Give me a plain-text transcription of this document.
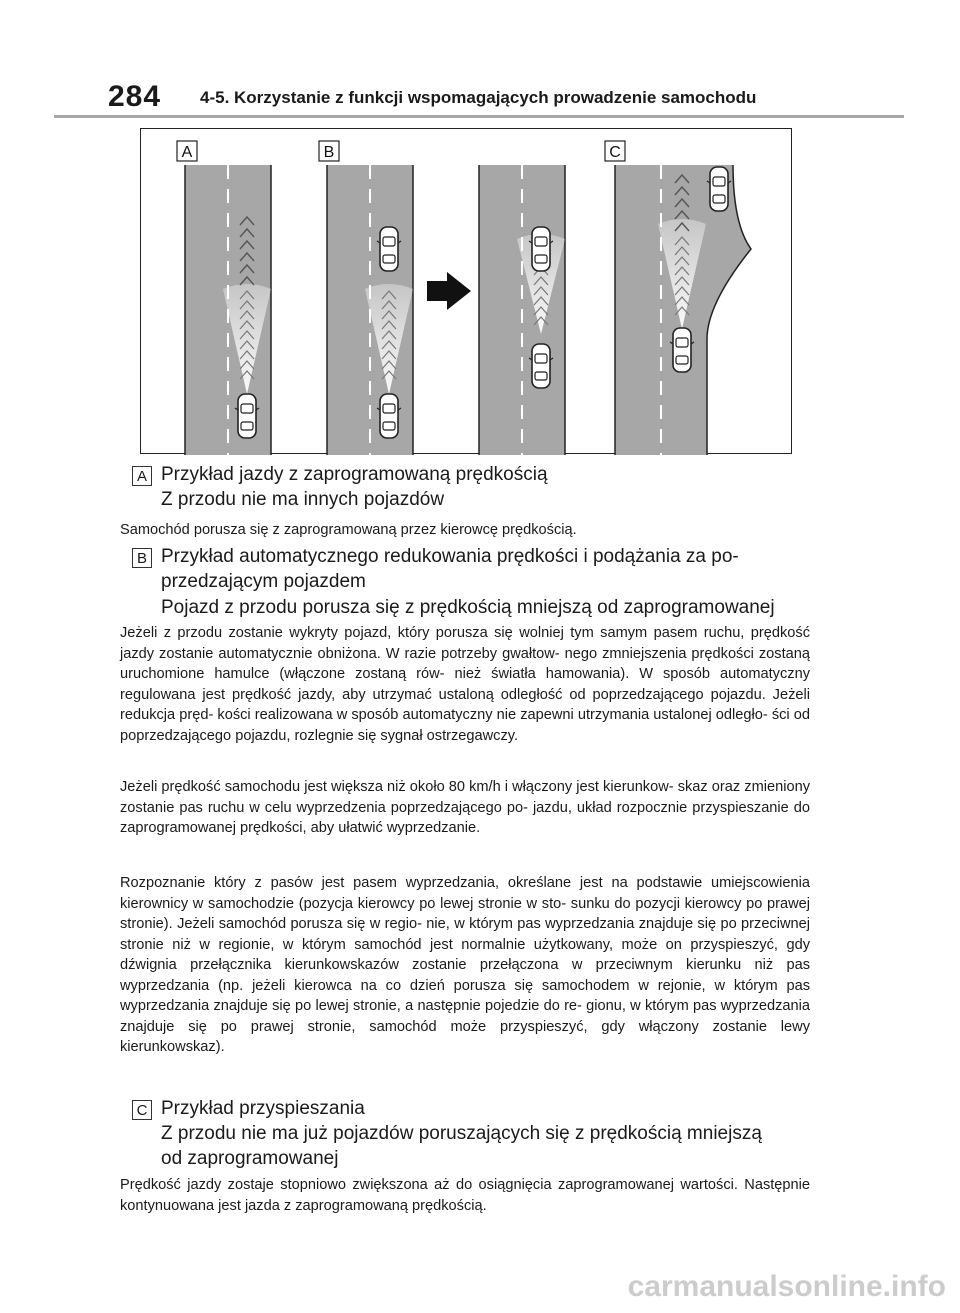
284 4-5. Korzystanie z funkcji wspomagających prowadzenie samochodu
A	B	C
A Przykład jazdy z zaprogramowaną prędkością
Z przodu nie ma innych pojazdów

Samochód porusza się z zaprogramowaną przez kierowcę prędkością.

B Przykład automatycznego redukowania prędkości i podążania za po-
przedzającym pojazdem
Pojazd z przodu porusza się z prędkością mniejszą od zaprogramowanej

Jeżeli z przodu zostanie wykryty pojazd, który porusza się wolniej tym samym pasem ruchu, prędkość jazdy zostanie automatycznie obniżona. W razie potrzeby gwałtow- nego zmniejszenia prędkości zostaną uruchomione hamulce (włączone zostaną rów- nież światła hamowania). W sposób automatyczny regulowana jest prędkość jazdy, aby utrzymać ustaloną odległość od poprzedzającego pojazdu. Jeżeli redukcja pręd- kości realizowana w sposób automatyczny nie zapewni utrzymania ustalonej odległo- ści od poprzedzającego pojazdu, rozlegnie się sygnał ostrzegawczy.

Jeżeli prędkość samochodu jest większa niż około 80 km/h i włączony jest kierunkow- skaz oraz zmieniony zostanie pas ruchu w celu wyprzedzenia poprzedzającego po- jazdu, układ rozpocznie przyspieszanie do zaprogramowanej prędkości, aby ułatwić wyprzedzanie.

Rozpoznanie który z pasów jest pasem wyprzedzania, określane jest na podstawie umiejscowienia kierownicy w samochodzie (pozycja kierowcy po lewej stronie w sto- sunku do pozycji kierowcy po prawej stronie). Jeżeli samochód porusza się w regio- nie, w którym pas wyprzedzania znajduje się po przeciwnej stronie niż w regionie, w którym samochód jest normalnie użytkowany, może on przyspieszyć, gdy dźwignia przełącznika kierunkowskazów zostanie przełączona w przeciwnym kierunku niż pas wyprzedzania (np. jeżeli kierowca na co dzień porusza się samochodem w rejonie, w którym pas wyprzedzania znajduje się po lewej stronie, a następnie pojedzie do re- gionu, w którym pas wyprzedzania znajduje się po prawej stronie, samochód może przyspieszyć, gdy włączony zostanie lewy kierunkowskaz).

C Przykład przyspieszania
Z przodu nie ma już pojazdów poruszających się z prędkością mniejszą
od zaprogramowanej

Prędkość jazdy zostaje stopniowo zwiększona aż do osiągnięcia zaprogramowanej wartości. Następnie kontynuowana jest jazda z zaprogramowaną prędkością.

carmanualsonline.info
